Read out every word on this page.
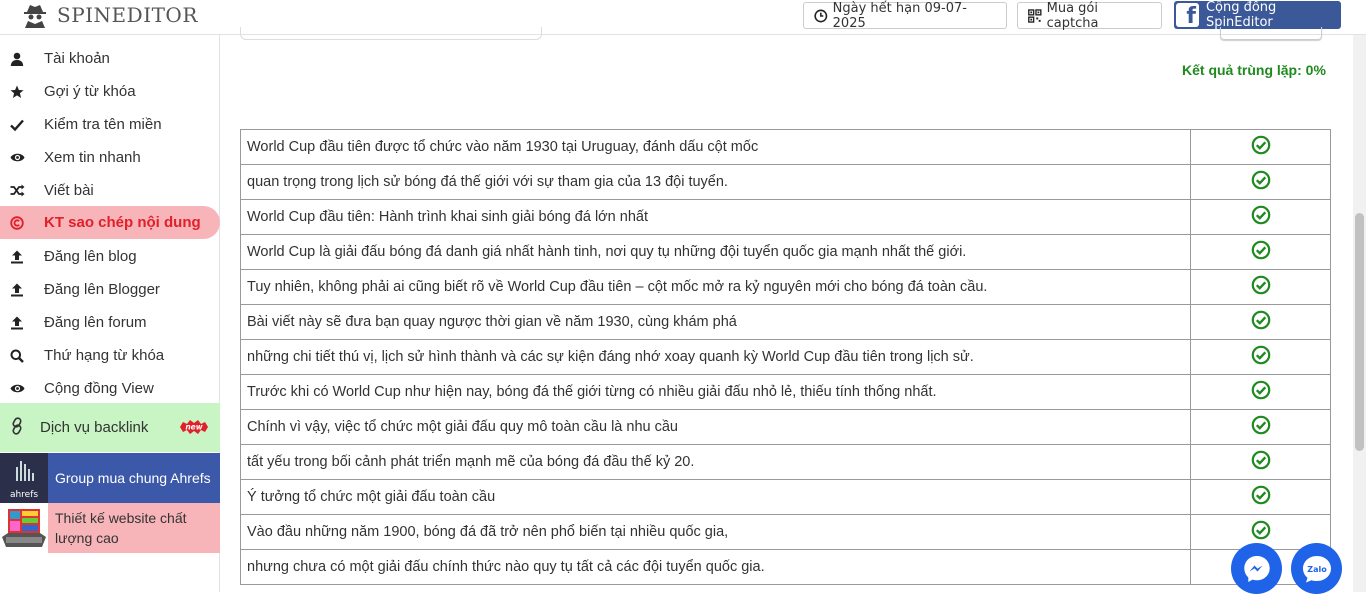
SPINEDITOR	Ngày hết hạn 09-07-2025
Mua gói captcha	f Cộng đồng SpinEditor
Tài khoản
Gợi ý từ khóa
Kiểm tra tên miền
Xem tin nhanh
Viết bài
KT sao chép nội dung
Đăng lên blog
Đăng lên Blogger
Đăng lên forum
Thứ hạng từ khóa
Cộng đồng View
Dịch vụ backlink	new
ahrefs
Group mua chung Ahrefs
Thiết kế website chất lượng cao
Kết quả trùng lặp: 0%
World Cup đầu tiên được tổ chức vào năm 1930 tại Uruguay, đánh dấu cột mốc	
quan trọng trong lịch sử bóng đá thế giới với sự tham gia của 13 đội tuyển.	
World Cup đầu tiên: Hành trình khai sinh giải bóng đá lớn nhất	
World Cup là giải đấu bóng đá danh giá nhất hành tinh, nơi quy tụ những đội tuyển quốc gia mạnh nhất thế giới.	
Tuy nhiên, không phải ai cũng biết rõ về World Cup đầu tiên – cột mốc mở ra kỷ nguyên mới cho bóng đá toàn cầu.	
Bài viết này sẽ đưa bạn quay ngược thời gian về năm 1930, cùng khám phá	
những chi tiết thú vị, lịch sử hình thành và các sự kiện đáng nhớ xoay quanh kỳ World Cup đầu tiên trong lịch sử.	
Trước khi có World Cup như hiện nay, bóng đá thế giới từng có nhiều giải đấu nhỏ lẻ, thiếu tính thống nhất.	
Chính vì vậy, việc tổ chức một giải đấu quy mô toàn cầu là nhu cầu	
tất yếu trong bối cảnh phát triển mạnh mẽ của bóng đá đầu thế kỷ 20.	
Ý tưởng tổ chức một giải đấu toàn cầu	
Vào đầu những năm 1900, bóng đá đã trở nên phổ biến tại nhiều quốc gia,	
nhưng chưa có một giải đấu chính thức nào quy tụ tất cả các đội tuyển quốc gia.		Zalo
